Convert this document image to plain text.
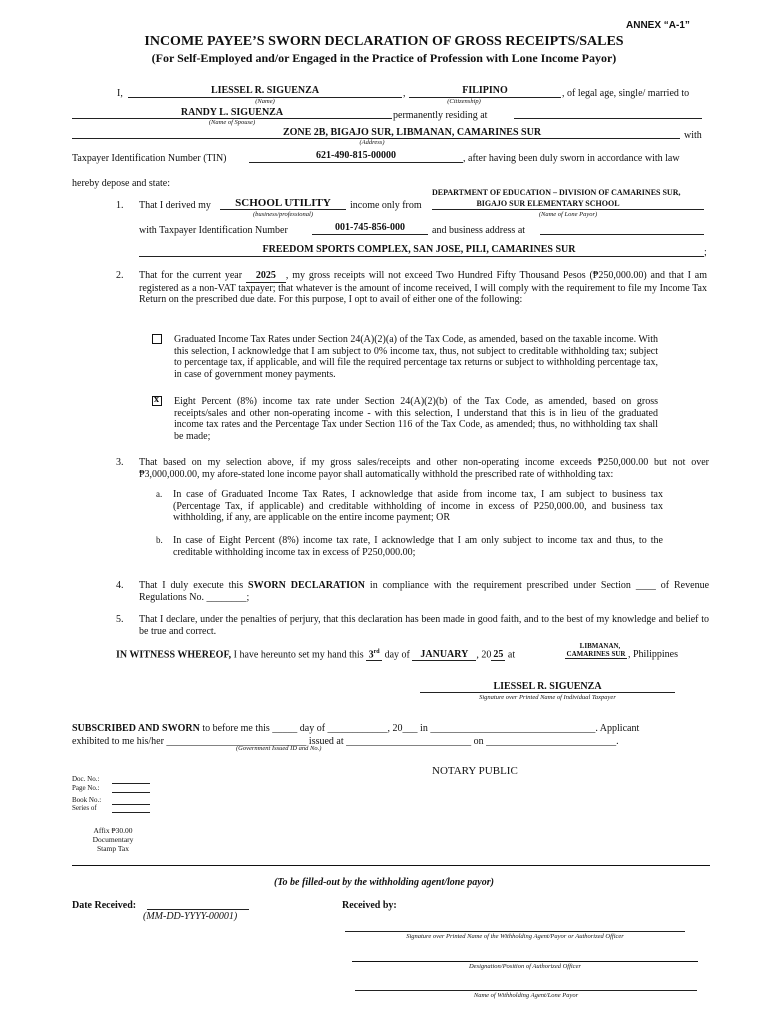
ANNEX “A-1”
INCOME PAYEE’S SWORN DECLARATION OF GROSS RECEIPTS/SALES
(For Self-Employed and/or Engaged in the Practice of Profession with Lone Income Payor)
I,	LIESSEL R. SIGUENZA
(Name)
,	FILIPINO
(Citizenship)
, of legal age, single/ married to
RANDY L. SIGUENZA
(Name of Spouse)
permanently residing at
ZONE 2B, BIGAJO SUR, LIBMANAN, CAMARINES SUR	with
(Address)
Taxpayer Identification Number (TIN)	621-490-815-00000	, after having been duly sworn in accordance with law
hereby depose and state:
1. That I derived my	SCHOOL UTILITY
(business/professional)
income only from
DEPARTMENT OF EDUCATION – DIVISION OF CAMARINES SUR,
BIGAJO SUR ELEMENTARY SCHOOL
(Name of Lone Payor)
with Taxpayer Identification Number	001-745-856-000	and business address at
FREEDOM SPORTS COMPLEX, SAN JOSE, PILI, CAMARINES SUR	;
2. That for the current year 2025 , my gross receipts will not exceed Two Hundred Fifty Thousand Pesos (₱250,000.00) and that I am registered as a non-VAT taxpayer; that whatever is the amount of income received, I will comply with the requirement to file my Income Tax Return on the prescribed due date. For this purpose, I opt to avail of either one of the following:
Graduated Income Tax Rates under Section 24(A)(2)(a) of the Tax Code, as amended, based on the taxable income. With this selection, I acknowledge that I am subject to 0% income tax, thus, not subject to creditable withholding tax; subject to percentage tax, if applicable, and will file the required percentage tax returns or subject to withholding percentage tax, in case of government money payments.
x Eight Percent (8%) income tax rate under Section 24(A)(2)(b) of the Tax Code, as amended, based on gross receipts/sales and other non-operating income - with this selection, I understand that this is in lieu of the graduated income tax rates and the Percentage Tax under Section 116 of the Tax Code, as amended; thus, no withholding tax shall be made;
3. That based on my selection above, if my gross sales/receipts and other non-operating income exceeds ₱250,000.00 but not over ₱3,000,000.00, my afore-stated lone income payor shall automatically withhold the prescribed rate of withholding tax:
a. In case of Graduated Income Tax Rates, I acknowledge that aside from income tax, I am subject to business tax (Percentage Tax, if applicable) and creditable withholding of income in excess of P250,000.00, and business tax withholding, if any, are applicable on the entire income payment; OR
b. In case of Eight Percent (8%) income tax rate, I acknowledge that I am only subject to income tax and thus, to the creditable withholding income tax in excess of P250,000.00;
4. That I duly execute this SWORN DECLARATION in compliance with the requirement prescribed under Section ____ of Revenue Regulations No. ________;
5. That I declare, under the penalties of perjury, that this declaration has been made in good faith, and to the best of my knowledge and belief to be true and correct.
IN WITNESS WHEREOF, I have hereunto set my hand this 3rd day of JANUARY , 20 25 at
LIBMANAN,
CAMARINES SUR , Philippines
LIESSEL R. SIGUENZA
Signature over Printed Name of Individual Taxpayer
SUBSCRIBED AND SWORN to before me this _____ day of ____________, 20___ in _________________________________. Applicant
exhibited to me his/her ____________________________ issued at _________________________ on __________________________.
(Government Issued ID and No.)
NOTARY PUBLIC
Doc. No.:
Page No.:
Book No.:
Series of
Affix ₱30.00
Documentary
Stamp Tax
(To be filled-out by the withholding agent/lone payor)
Date Received:
(MM-DD-YYYY-00001)
Received by:
Signature over Printed Name of the Withholding Agent/Payor or Authorized Officer
Designation/Position of Authorized Officer
Name of Withholding Agent/Lone Payor
